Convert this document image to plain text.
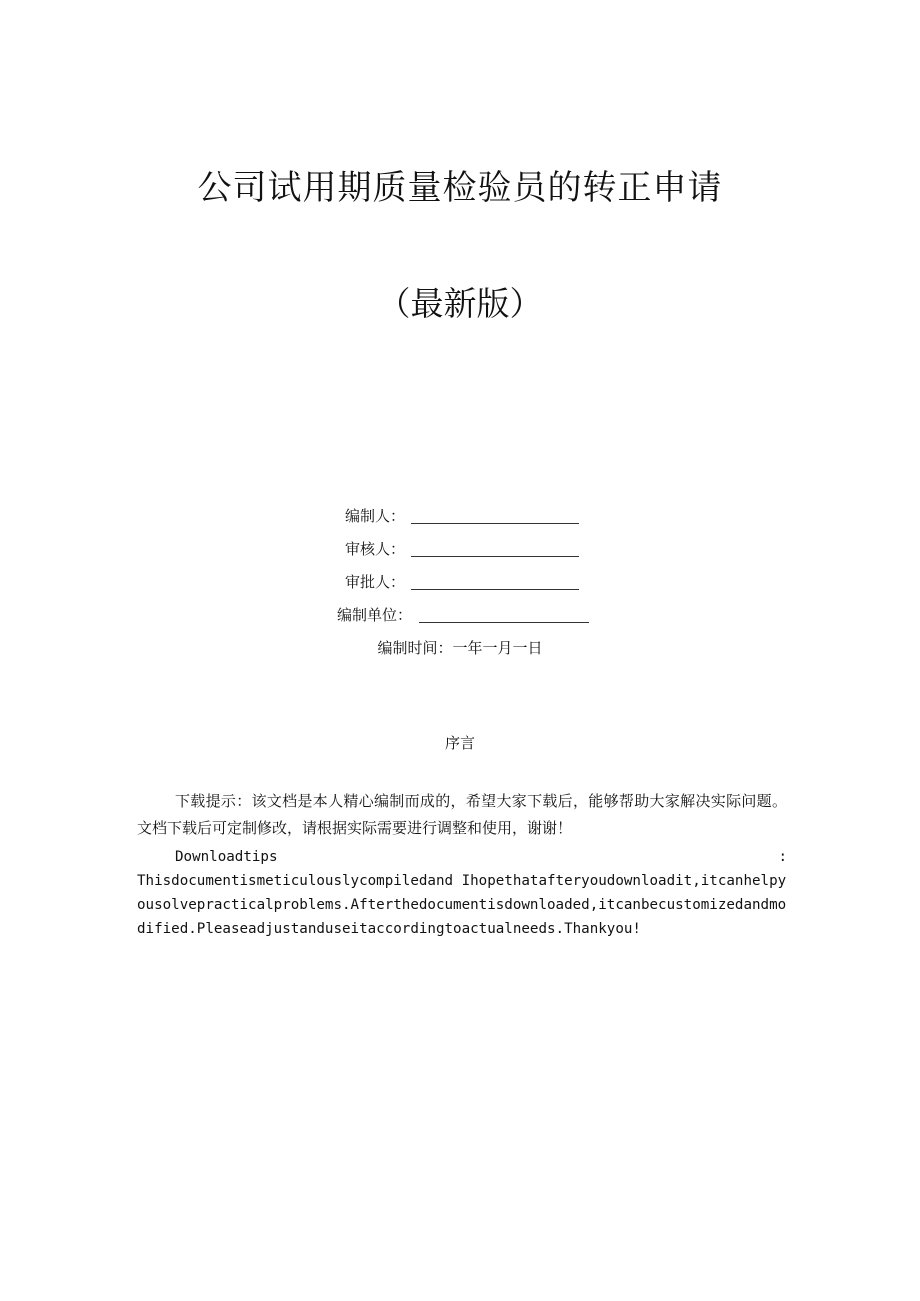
公司试用期质量检验员的转正申请
（最新版）
编制人：
审核人：
审批人：
编制单位：
编制时间：一年一月一日
序言
下载提示：该文档是本人精心编制而成的，希望大家下载后，能够帮助大家解决实际问题。文档下载后可定制修改，请根据实际需要进行调整和使用，谢谢！
Downloadtips	:
Thisdocumentismeticulouslycompiledand Ihopethatafteryoudownloadit,itcanhelpyousolvepracticalproblems.Afterthedocumentisdownloaded,itcanbecustomizedandmodified.Pleaseadjustanduseitaccordingtoactualneeds.Thankyou!
